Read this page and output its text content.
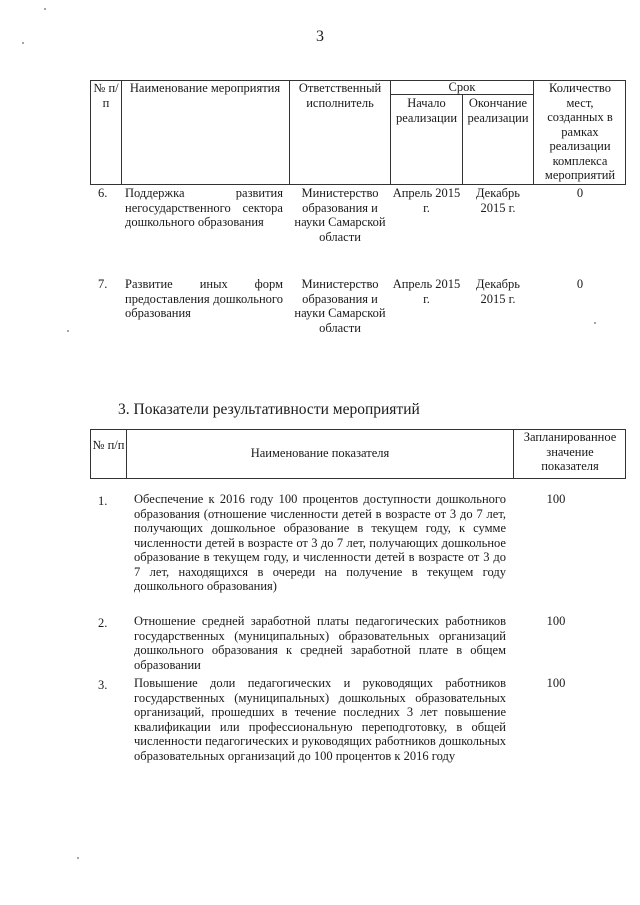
3
№ п/п
Наименование мероприятия	Ответственный исполнитель
Срок
Начало реализации
Окончание реализации
Количество мест, созданных в рамках реализации комплекса мероприятий
6. Поддержка развития негосударственного сектора дошкольного образования
Министерство образования и науки Самарской области
Апрель 2015 г.
Декабрь 2015 г.
0
7. Развитие иных форм предоставления дошкольного образования
Министерство образования и науки Самарской области
Апрель 2015 г.
Декабрь 2015 г.
0
3. Показатели результативности мероприятий
№ п/п
Наименование показателя
Запланированное значение показателя
1. Обеспечение к 2016 году 100 процентов доступности дошкольного образования (отношение численности детей в возрасте от 3 до 7 лет, получающих дошкольное образование в текущем году, к сумме численности детей в возрасте от 3 до 7 лет, получающих дошкольное образование в текущем году, и численности детей в возрасте от 3 до 7 лет, находящихся в очереди на получение в текущем году дошкольного образования)
100
2. Отношение средней заработной платы педагогических работников государственных (муниципальных) образовательных организаций дошкольного образования к средней заработной плате в общем образовании
100
3. Повышение доли педагогических и руководящих работников государственных (муниципальных) дошкольных образовательных организаций, прошедших в течение последних 3 лет повышение квалификации или профессиональную переподготовку, в общей численности педагогических и руководящих работников дошкольных образовательных организаций до 100 процентов к 2016 году
100
